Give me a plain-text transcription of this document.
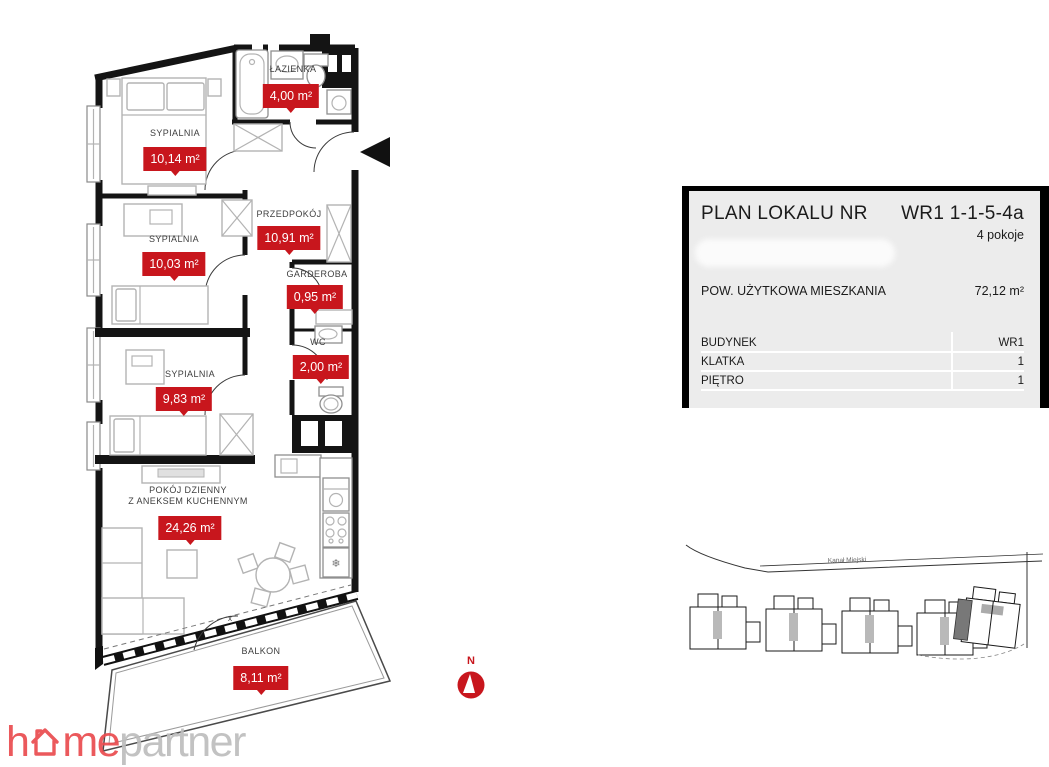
❄
x
N
Kanał Miejski
ŁAZIENKA
SYPIALNIA
PRZEDPOKÓJ
SYPIALNIA
GARDEROBA
WC
SYPIALNIA
POKÓJ DZIENNY
Z ANEKSEM KUCHENNYM
BALKON
4,00 m²
10,14 m²
10,91 m²
10,03 m²
0,95 m²
2,00 m²
9,83 m²
24,26 m²
8,11 m²
PLAN LOKALU NR WR1 1-1-5-4a
4 pokoje
POW. UŻYTKOWA MIESZKANIA	72,12 m²
BUDYNEK	WR1
KLATKA	1
PIĘTRO	1
h mepartner
